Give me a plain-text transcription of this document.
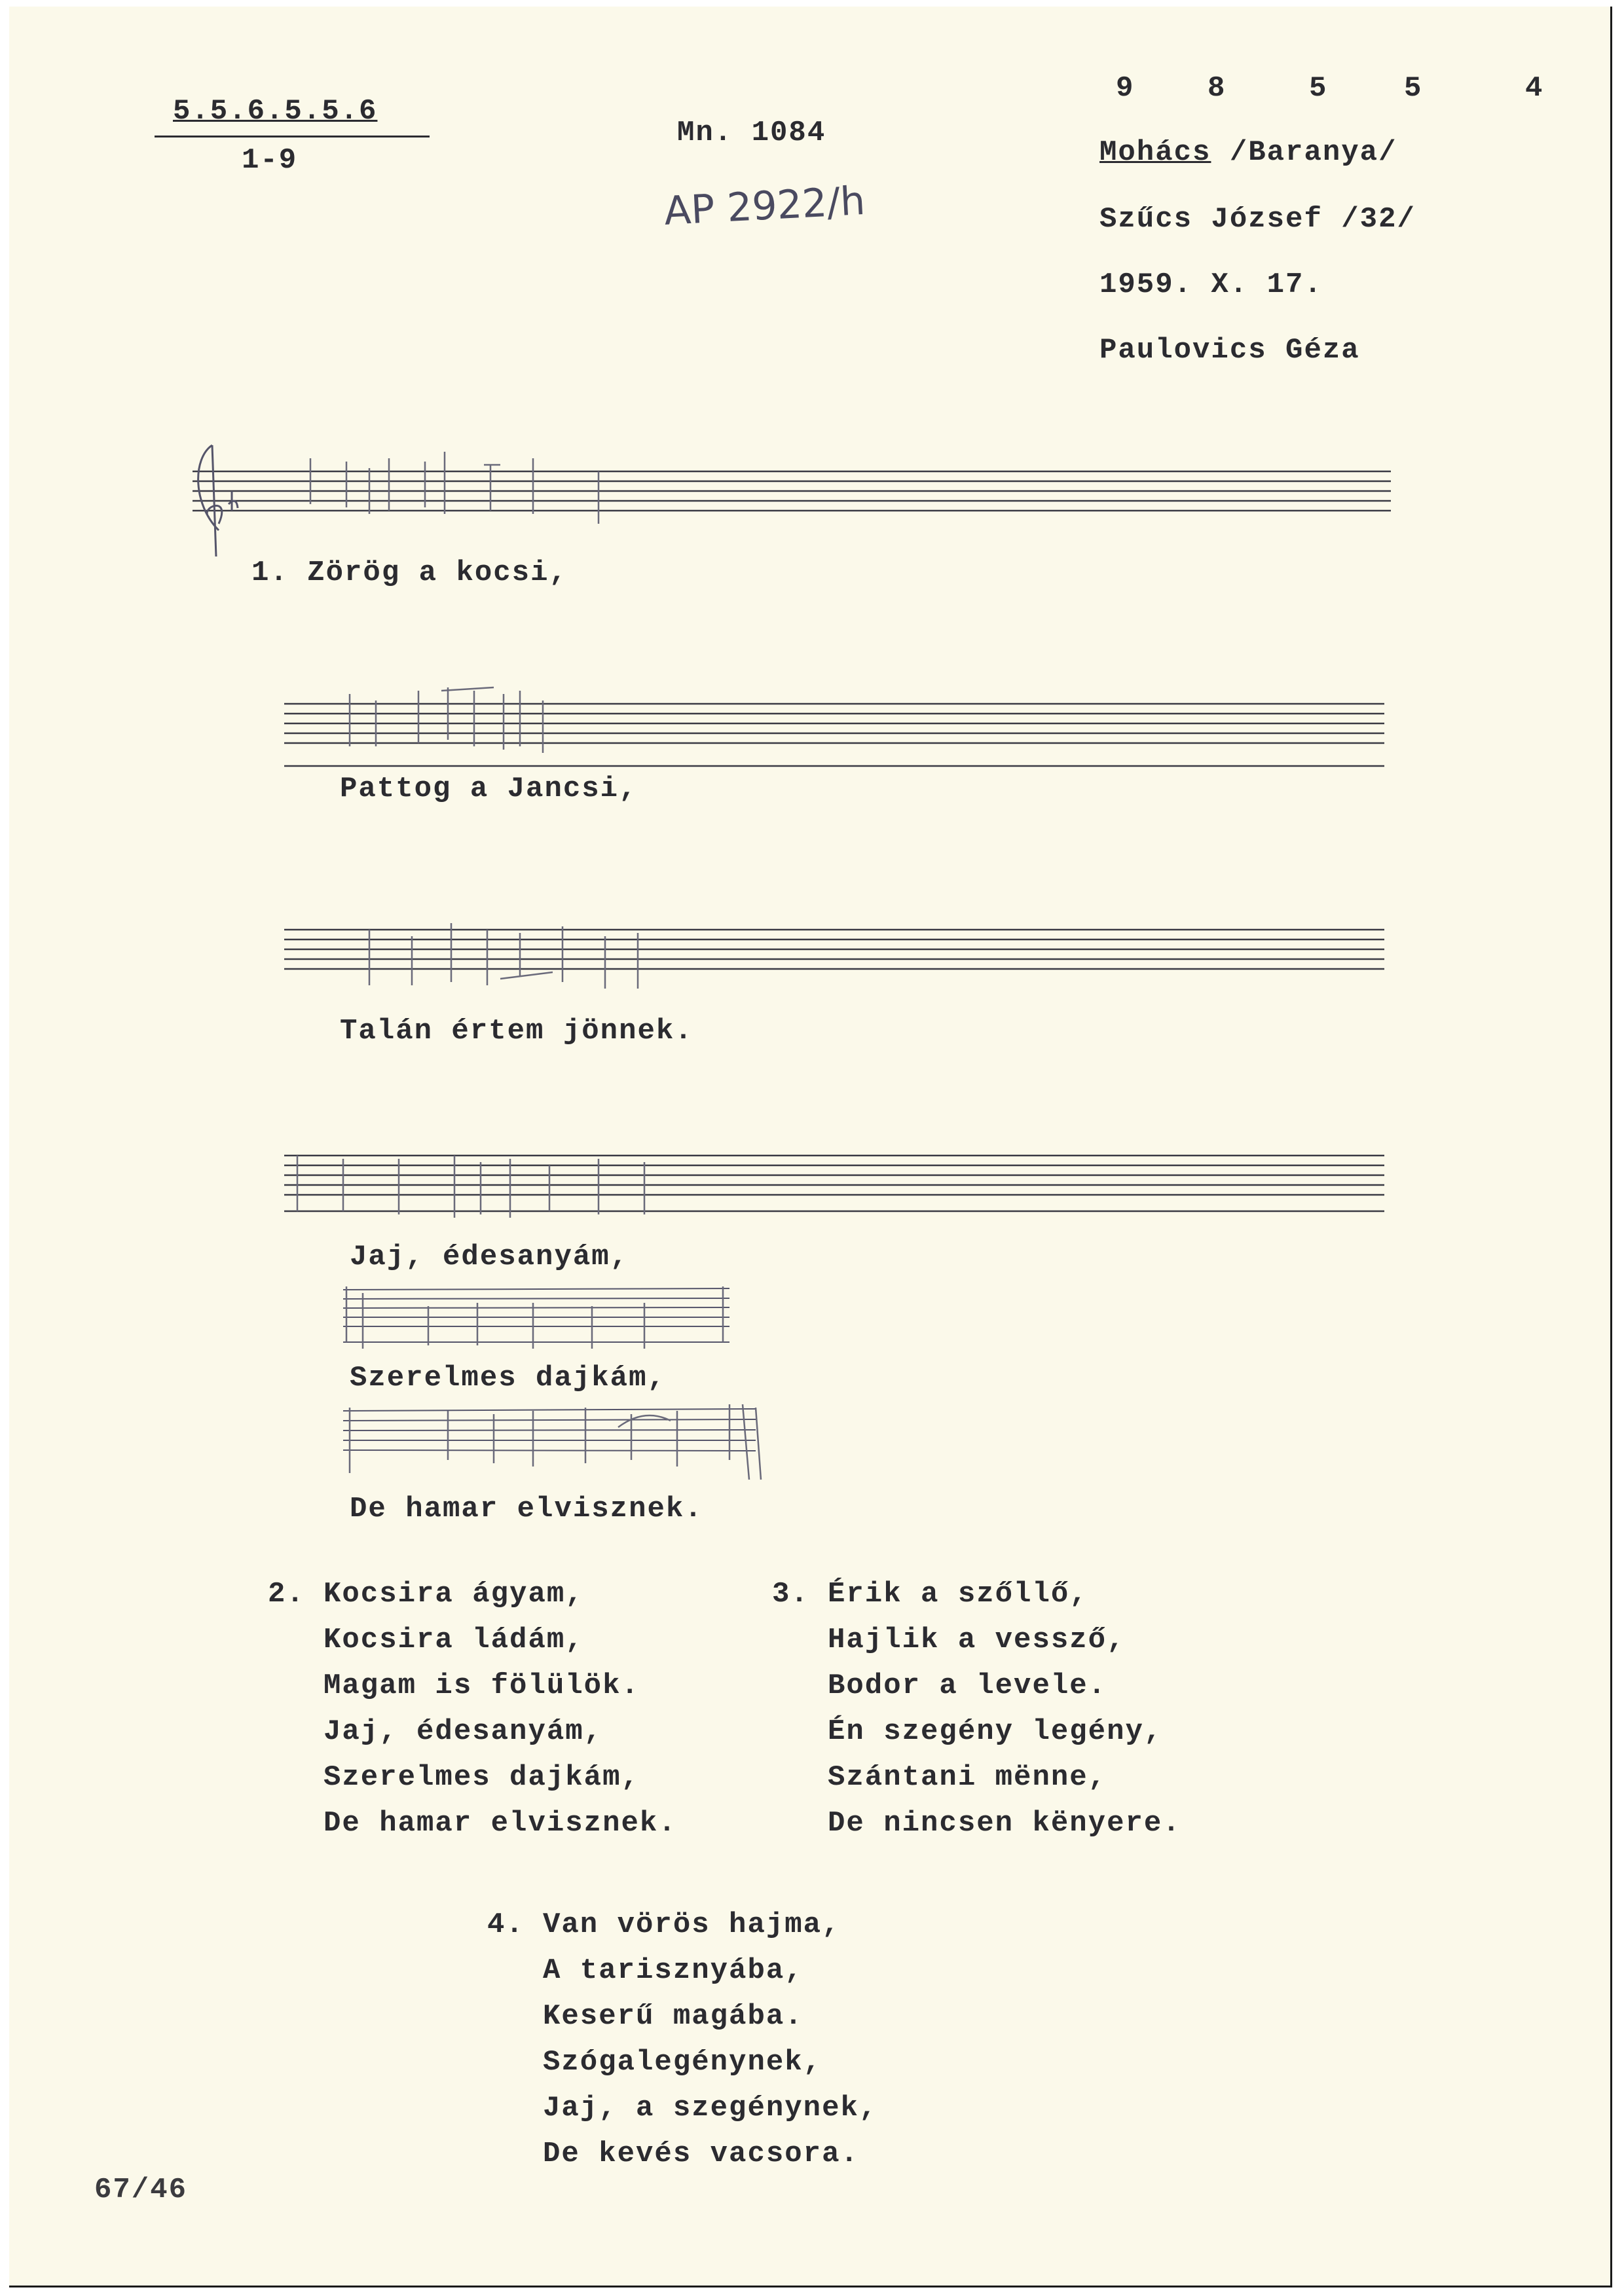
5.5.6.5.5.6
1-9
Mn. 1084
AP 2922/h
9	8	5	5	4
Mohács /Baranya/
Szűcs József /32/
1959. X. 17.
Paulovics Géza
1. Zörög a kocsi,
Pattog a Jancsi,
Talán értem jönnek.
Jaj, édesanyám,
Szerelmes dajkám,
De hamar elvisznek.
2. Kocsira ágyam,
Kocsira ládám,
Magam is fölülök.
Jaj, édesanyám,
Szerelmes dajkám,
De hamar elvisznek.
3. Érik a szőllő,
Hajlik a vessző,
Bodor a levele.
Én szegény legény,
Szántani mënne,
De nincsen kënyere.
4. Van vörös hajma,
A tarisznyába,
Keserű magába.
Szógalegénynek,
Jaj, a szegénynek,
De kevés vacsora.
67/46
